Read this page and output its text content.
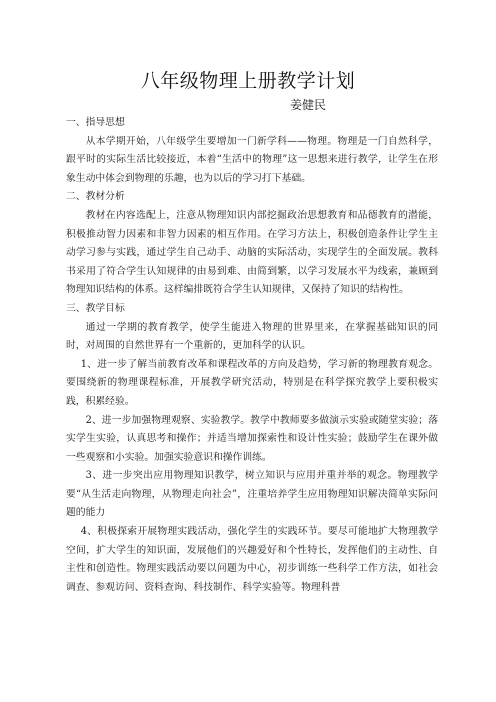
八年级物理上册教学计划
姜健民

一、指导思想

从本学期开始，八年级学生要增加一门新学科——物理。物理是一门自然科学，跟平时的实际生活比较接近，本着“生活中的物理”这一思想来进行教学，让学生在形象生动中体会到物理的乐趣，也为以后的学习打下基础。

二、教材分析

教材在内容选配上，注意从物理知识内部挖掘政治思想教育和品德教育的潜能，积极推动智力因素和非智力因素的相互作用。在学习方法上，积极创造条件让学生主动学习参与实践，通过学生自己动手、动脑的实际活动，实现学生的全面发展。教科书采用了符合学生认知规律的由易到难、由简到繁，以学习发展水平为线索，兼顾到物理知识结构的体系。这样编排既符合学生认知规律，又保持了知识的结构性。

三、教学目标

通过一学期的教育教学，使学生能进入物理的世界里来，在掌握基础知识的同时，对周围的自然世界有一个重新的，更加科学的认识。

1、进一步了解当前教育改革和课程改革的方向及趋势，学习新的物理教育观念。要围绕新的物理课程标准，开展教学研究活动，特别是在科学探究教学上要积极实践，积累经验。

2、进一步加强物理观察、实验教学。教学中教师要多做演示实验或随堂实验；落实学生实验，认真思考和操作；并适当增加探索性和设计性实验；鼓励学生在课外做一些观察和小实验。加强实验意识和操作训练。

3、进一步突出应用物理知识教学，树立知识与应用并重并举的观念。物理教学要“从生活走向物理，从物理走向社会”，注重培养学生应用物理知识解决简单实际问题的能力

4、积极探索开展物理实践活动，强化学生的实践环节。要尽可能地扩大物理教学空间，扩大学生的知识面，发展他们的兴趣爱好和个性特长，发挥他们的主动性、自主性和创造性。物理实践活动要以问题为中心，初步训练一些科学工作方法，如社会调查、参观访问、资料查询、科技制作、科学实验等。物理科普
